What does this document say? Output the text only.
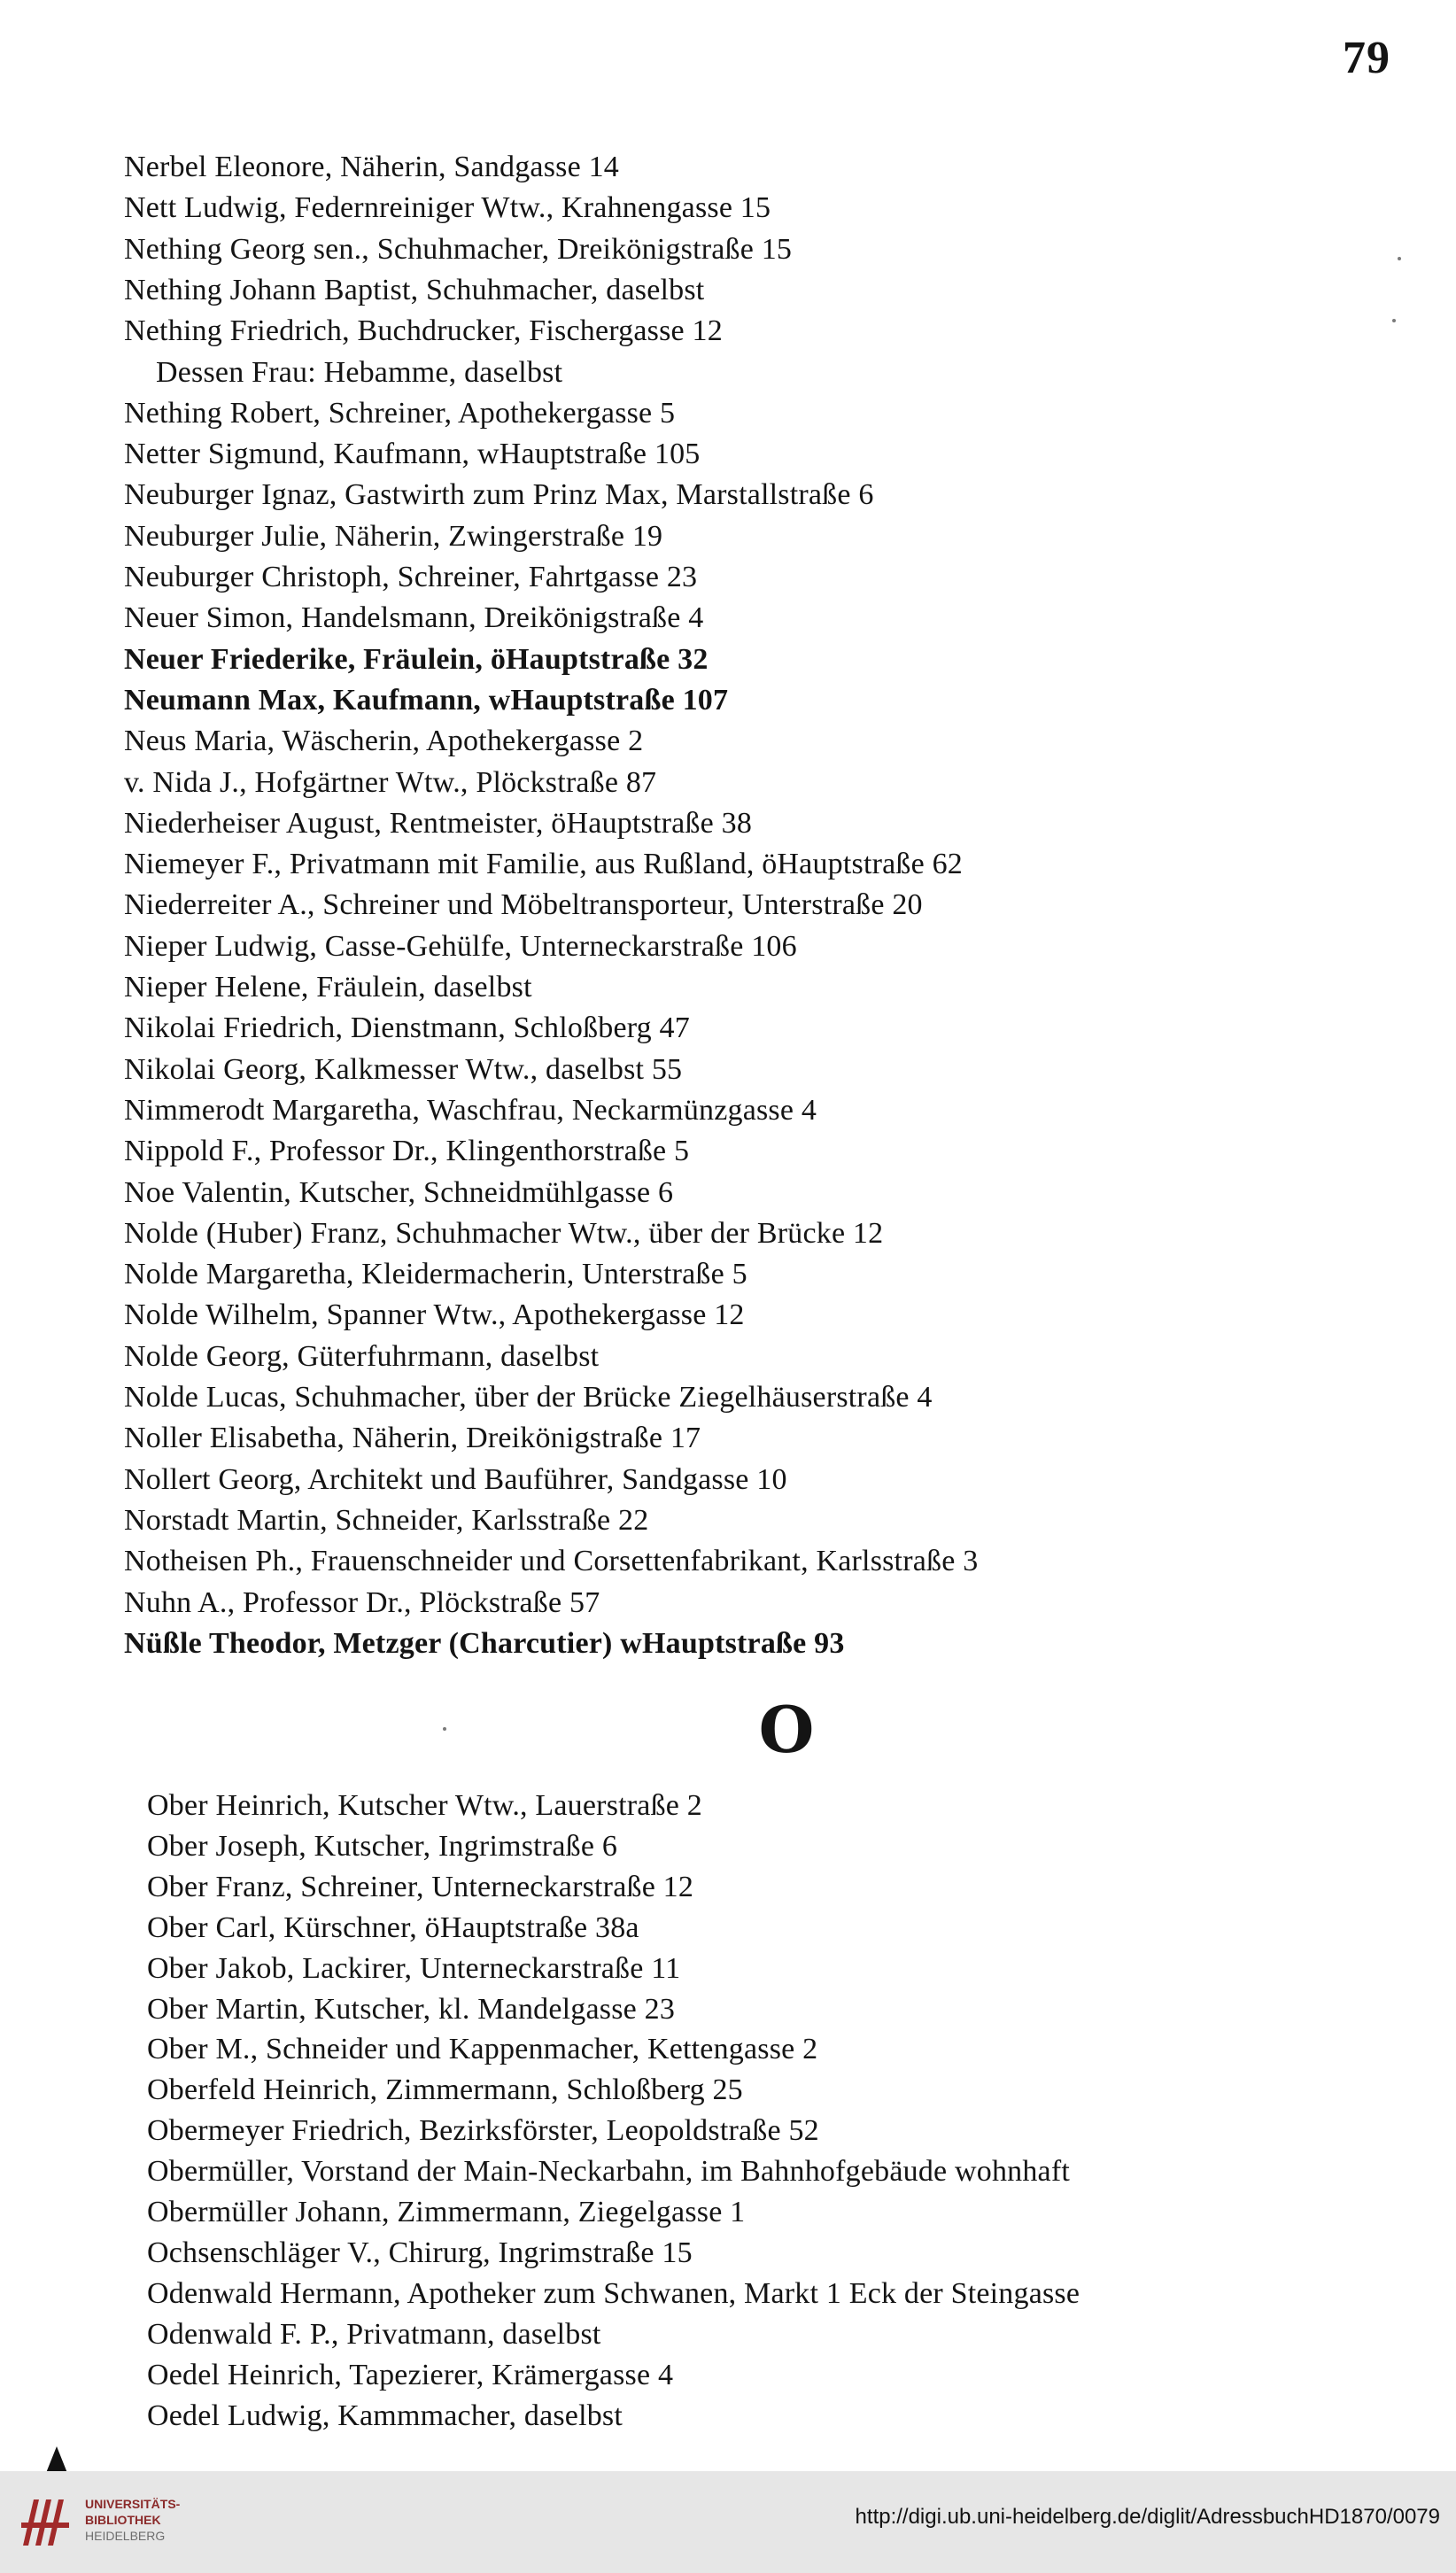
79
Nerbel Eleonore, Näherin, Sandgasse 14
Nett Ludwig, Federnreiniger Wtw., Krahnengasse 15
Nething Georg sen., Schuhmacher, Dreikönigstraße 15
Nething Johann Baptist, Schuhmacher, daselbst
Nething Friedrich, Buchdrucker, Fischergasse 12
Dessen Frau: Hebamme, daselbst
Nething Robert, Schreiner, Apothekergasse 5
Netter Sigmund, Kaufmann, wHauptstraße 105
Neuburger Ignaz, Gastwirth zum Prinz Max, Marstallstraße 6
Neuburger Julie, Näherin, Zwingerstraße 19
Neuburger Christoph, Schreiner, Fahrtgasse 23
Neuer Simon, Handelsmann, Dreikönigstraße 4
Neuer Friederike, Fräulein, öHauptstraße 32
Neumann Max, Kaufmann, wHauptstraße 107
Neus Maria, Wäscherin, Apothekergasse 2
v. Nida J., Hofgärtner Wtw., Plöckstraße 87
Niederheiser August, Rentmeister, öHauptstraße 38
Niemeyer F., Privatmann mit Familie, aus Rußland, öHauptstraße 62
Niederreiter A., Schreiner und Möbeltransporteur, Unterstraße 20
Nieper Ludwig, Casse-Gehülfe, Unterneckarstraße 106
Nieper Helene, Fräulein, daselbst
Nikolai Friedrich, Dienstmann, Schloßberg 47
Nikolai Georg, Kalkmesser Wtw., daselbst 55
Nimmerodt Margaretha, Waschfrau, Neckarmünzgasse 4
Nippold F., Professor Dr., Klingenthorstraße 5
Noe Valentin, Kutscher, Schneidmühlgasse 6
Nolde (Huber) Franz, Schuhmacher Wtw., über der Brücke 12
Nolde Margaretha, Kleidermacherin, Unterstraße 5
Nolde Wilhelm, Spanner Wtw., Apothekergasse 12
Nolde Georg, Güterfuhrmann, daselbst
Nolde Lucas, Schuhmacher, über der Brücke Ziegelhäuserstraße 4
Noller Elisabetha, Näherin, Dreikönigstraße 17
Nollert Georg, Architekt und Bauführer, Sandgasse 10
Norstadt Martin, Schneider, Karlsstraße 22
Notheisen Ph., Frauenschneider und Corsettenfabrikant, Karlsstraße 3
Nuhn A., Professor Dr., Plöckstraße 57
Nüßle Theodor, Metzger (Charcutier) wHauptstraße 93
Ober Heinrich, Kutscher Wtw., Lauerstraße 2
Ober Joseph, Kutscher, Ingrimstraße 6
Ober Franz, Schreiner, Unterneckarstraße 12
Ober Carl, Kürschner, öHauptstraße 38a
Ober Jakob, Lackirer, Unterneckarstraße 11
Ober Martin, Kutscher, kl. Mandelgasse 23
Ober M., Schneider und Kappenmacher, Kettengasse 2
Oberfeld Heinrich, Zimmermann, Schloßberg 25
Obermeyer Friedrich, Bezirksförster, Leopoldstraße 52
Obermüller, Vorstand der Main-Neckarbahn, im Bahnhofgebäude wohnhaft
Obermüller Johann, Zimmermann, Ziegelgasse 1
Ochsenschläger V., Chirurg, Ingrimstraße 15
Odenwald Hermann, Apotheker zum Schwanen, Markt 1 Eck der Steingasse
Odenwald F. P., Privatmann, daselbst
Oedel Heinrich, Tapezierer, Krämergasse 4
Oedel Ludwig, Kammmacher, daselbst
O
UNIVERSITÄTS-
BIBLIOTHEK
HEIDELBERG
http://digi.ub.uni-heidelberg.de/diglit/AdressbuchHD1870/0079
